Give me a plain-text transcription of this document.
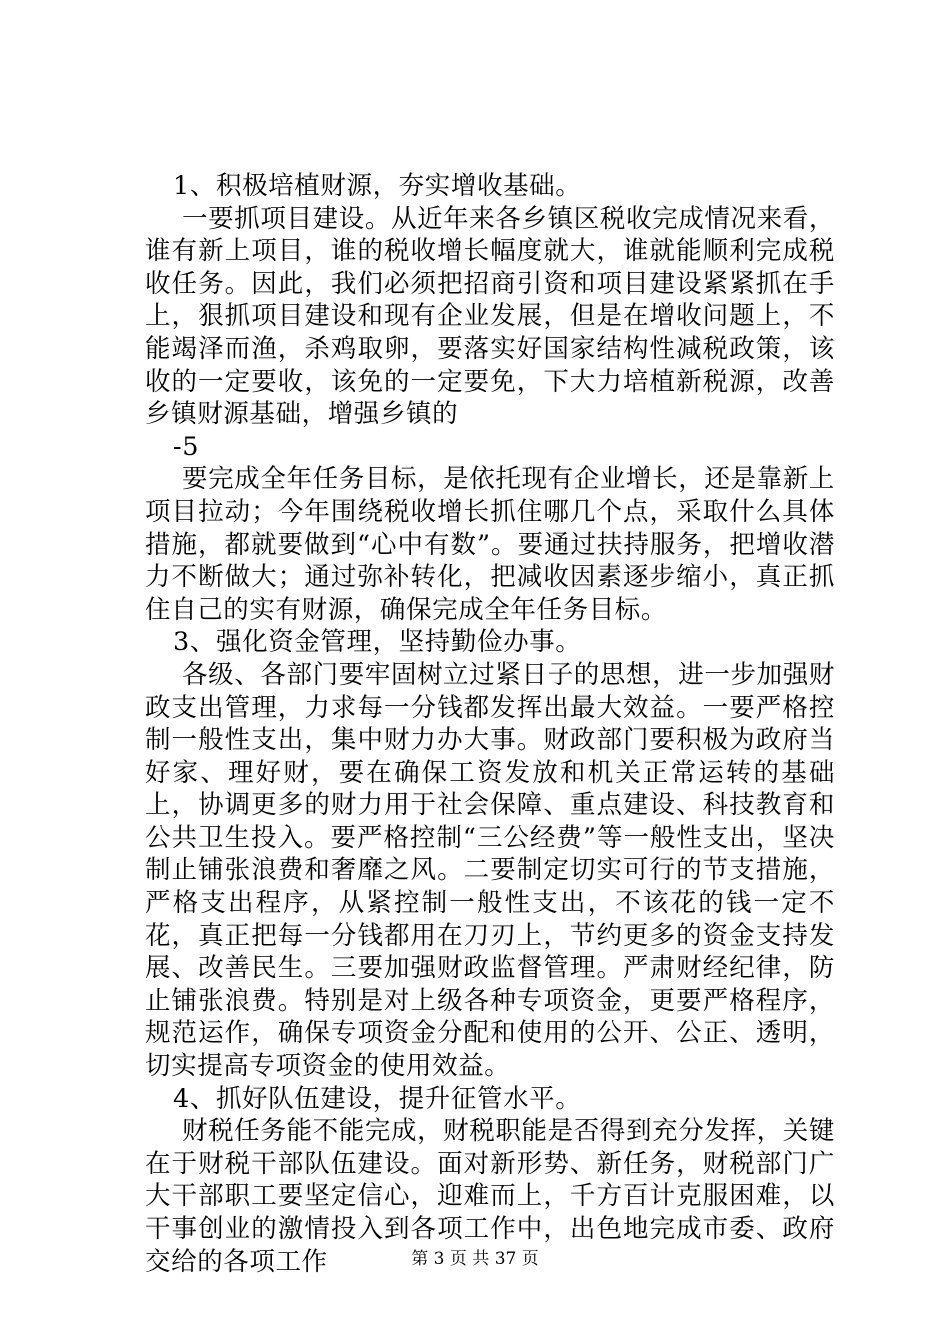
1、积极培植财源，夯实增收基础。

一要抓项目建设。从近年来各乡镇区税收完成情况来看，谁有新上项目，谁的税收增长幅度就大，谁就能顺利完成税收任务。因此，我们必须把招商引资和项目建设紧紧抓在手上，狠抓项目建设和现有企业发展，但是在增收问题上，不能竭泽而渔，杀鸡取卵，要落实好国家结构性减税政策，该收的一定要收，该免的一定要免，下大力培植新税源，改善乡镇财源基础，增强乡镇的

-5

要完成全年任务目标，是依托现有企业增长，还是靠新上项目拉动；今年围绕税收增长抓住哪几个点，采取什么具体措施，都就要做到“心中有数”。要通过扶持服务，把增收潜力不断做大；通过弥补转化，把减收因素逐步缩小，真正抓住自己的实有财源，确保完成全年任务目标。

3、强化资金管理，坚持勤俭办事。

各级、各部门要牢固树立过紧日子的思想，进一步加强财政支出管理，力求每一分钱都发挥出最大效益。一要严格控制一般性支出，集中财力办大事。财政部门要积极为政府当好家、理好财，要在确保工资发放和机关正常运转的基础上，协调更多的财力用于社会保障、重点建设、科技教育和公共卫生投入。要严格控制“三公经费”等一般性支出，坚决制止铺张浪费和奢靡之风。二要制定切实可行的节支措施，严格支出程序，从紧控制一般性支出，不该花的钱一定不花，真正把每一分钱都用在刀刃上，节约更多的资金支持发展、改善民生。三要加强财政监督管理。严肃财经纪律，防止铺张浪费。特别是对上级各种专项资金，更要严格程序，规范运作，确保专项资金分配和使用的公开、公正、透明，切实提高专项资金的使用效益。

4、抓好队伍建设，提升征管水平。

财税任务能不能完成，财税职能是否得到充分发挥，关键在于财税干部队伍建设。面对新形势、新任务，财税部门广大干部职工要坚定信心，迎难而上，千方百计克服困难，以干事创业的激情投入到各项工作中，出色地完成市委、政府交给的各项工作	第 3 页 共 37 页
